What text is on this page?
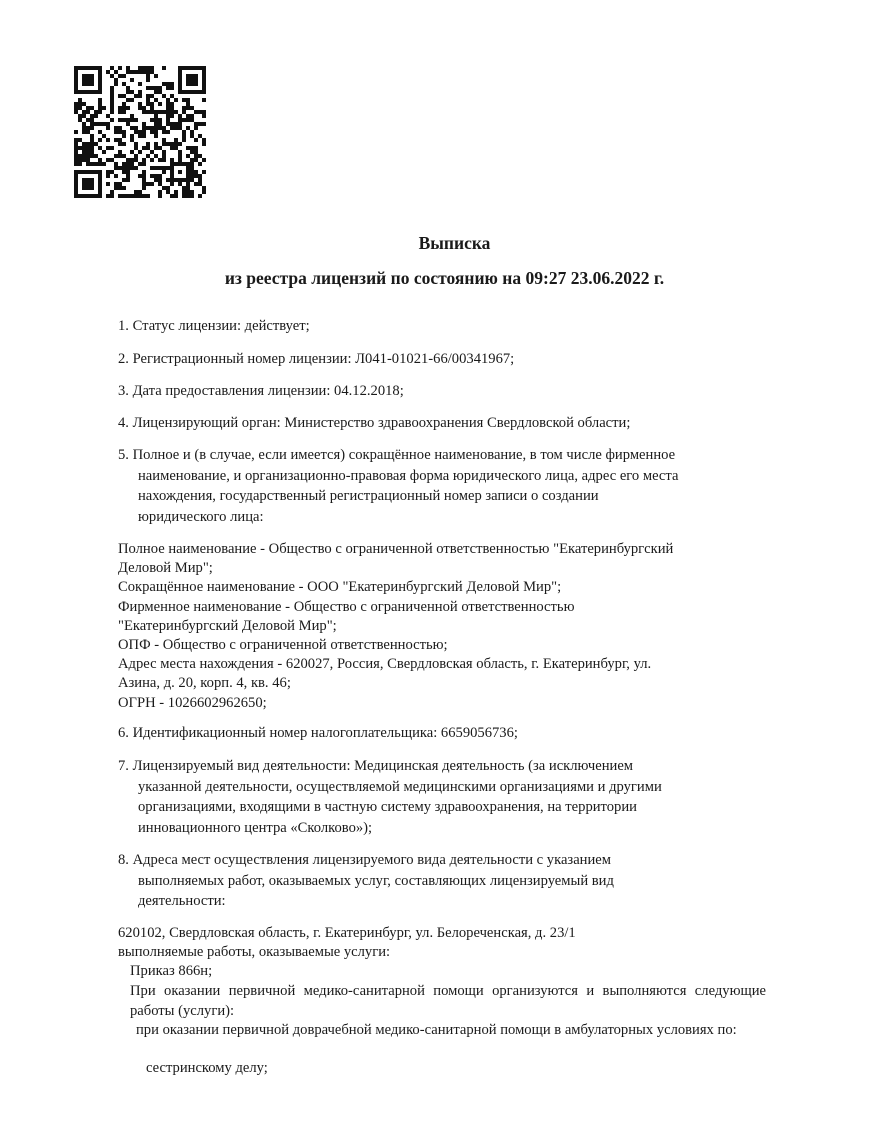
Выписка
из реестра лицензий по состоянию на 09:27 23.06.2022 г.

1. Статус лицензии: действует;

2. Регистрационный номер лицензии: Л041-01021-66/00341967;

3. Дата предоставления лицензии: 04.12.2018;

4. Лицензирующий орган: Министерство здравоохранения Свердловской области;

5. Полное и (в случае, если имеется) сокращённое наименование, в том числе фирменное
наименование, и организационно-правовая форма юридического лица, адрес его места
нахождения, государственный регистрационный номер записи о создании
юридического лица:
Полное наименование - Общество с ограниченной ответственностью "Екатеринбургский
Деловой Мир";
Сокращённое наименование - ООО "Екатеринбургский Деловой Мир";
Фирменное наименование - Общество с ограниченной ответственностью
"Екатеринбургский Деловой Мир";
ОПФ - Общество с ограниченной ответственностью;
Адрес места нахождения - 620027, Россия, Свердловская область, г. Екатеринбург, ул.
Азина, д. 20, корп. 4, кв. 46;
ОГРН - 1026602962650;

6. Идентификационный номер налогоплательщика: 6659056736;

7. Лицензируемый вид деятельности: Медицинская деятельность (за исключением
указанной деятельности, осуществляемой медицинскими организациями и другими
организациями, входящими в частную систему здравоохранения, на территории
инновационного центра «Сколково»);
8. Адреса мест осуществления лицензируемого вида деятельности с указанием
выполняемых работ, оказываемых услуг, составляющих лицензируемый вид
деятельности:
620102, Свердловская область, г. Екатеринбург, ул. Белореченская, д. 23/1
выполняемые работы, оказываемые услуги:

Приказ 866н;

При оказании первичной медико-санитарной помощи организуются и выполняются следующие работы (услуги):

при оказании первичной доврачебной медико-санитарной помощи в амбулаторных условиях по:

сестринскому делу;
